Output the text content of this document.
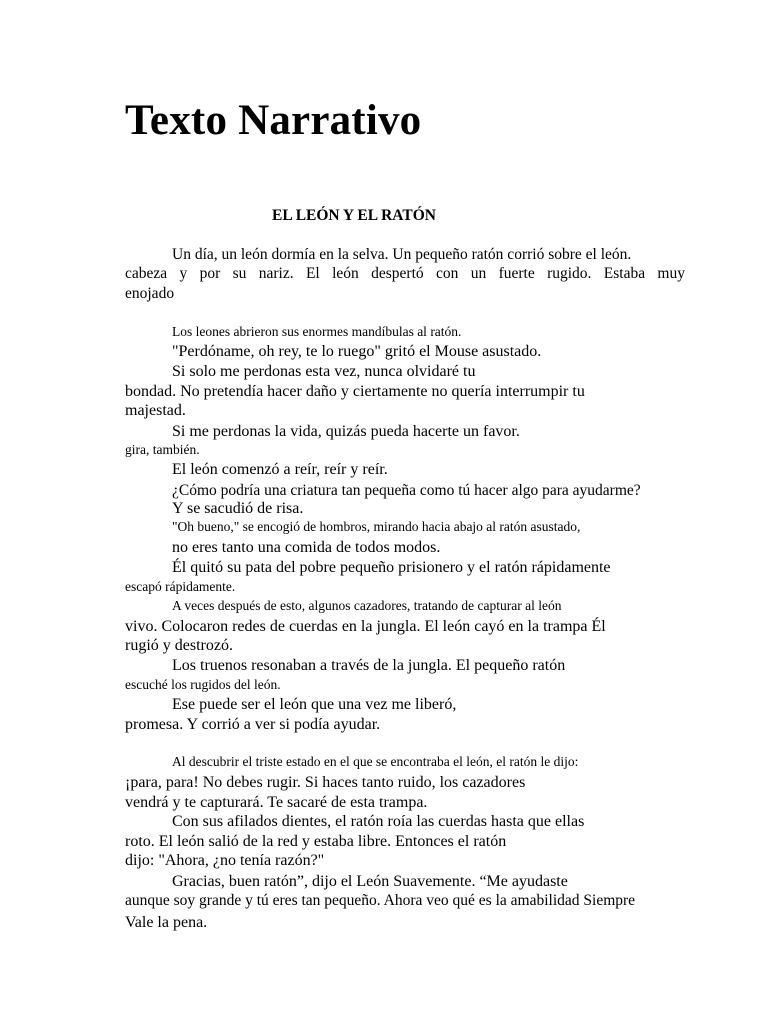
Texto Narrativo
EL LEÓN Y EL RATÓN
Un día, un león dormía en la selva. Un pequeño ratón corrió sobre el león.
cabeza y por su nariz. El león despertó con un fuerte rugido. Estaba muy
enojado
Los leones abrieron sus enormes mandíbulas al ratón.
"Perdóname, oh rey, te lo ruego" gritó el Mouse asustado.
Si solo me perdonas esta vez, nunca olvidaré tu
bondad. No pretendía hacer daño y ciertamente no quería interrumpir tu
majestad.
Si me perdonas la vida, quizás pueda hacerte un favor.
gira, también.
El león comenzó a reír, reír y reír.
¿Cómo podría una criatura tan pequeña como tú hacer algo para ayudarme?
Y se sacudió de risa.
"Oh bueno," se encogió de hombros, mirando hacia abajo al ratón asustado,
no eres tanto una comida de todos modos.
Él quitó su pata del pobre pequeño prisionero y el ratón rápidamente
escapó rápidamente.
A veces después de esto, algunos cazadores, tratando de capturar al león
vivo. Colocaron redes de cuerdas en la jungla. El león cayó en la trampa Él
rugió y destrozó.
Los truenos resonaban a través de la jungla. El pequeño ratón
escuché los rugidos del león.
Ese puede ser el león que una vez me liberó,
promesa. Y corrió a ver si podía ayudar.
Al descubrir el triste estado en el que se encontraba el león, el ratón le dijo:
¡para, para! No debes rugir. Si haces tanto ruido, los cazadores
vendrá y te capturará. Te sacaré de esta trampa.
Con sus afilados dientes, el ratón roía las cuerdas hasta que ellas
roto. El león salió de la red y estaba libre. Entonces el ratón
dijo: "Ahora, ¿no tenía razón?"
Gracias, buen ratón”, dijo el León Suavemente. “Me ayudaste
aunque soy grande y tú eres tan pequeño. Ahora veo qué es la amabilidad Siempre
Vale la pena.
